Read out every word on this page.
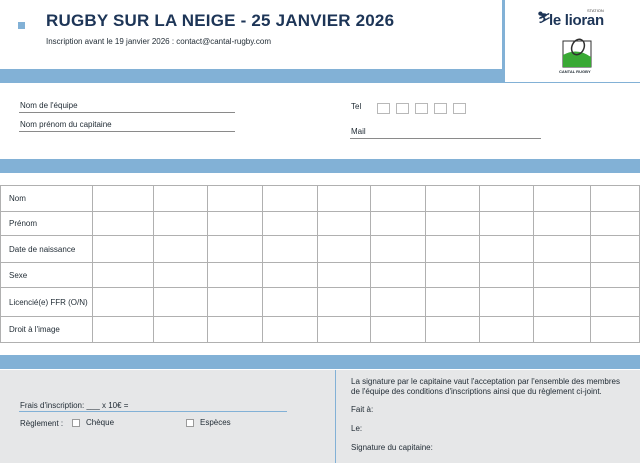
RUGBY SUR LA NEIGE - 25 JANVIER 2026
Inscription avant le 19 janvier 2026 : contact@cantal-rugby.com
STATION
⛷
le lioran
CANTAL RUGBY
Nom de l'équipe
Nom prénom du capitaine
Tel
Mail
Nom										
Prénom										
Date de naissance										
Sexe										
Licencié(e) FFR (O/N)										
Droit à l'image										
Frais d'inscription: ___ x 10€ =
Règlement :	Chèque	Espèces
La signature par le capitaine vaut l'acceptation par l'ensemble des membres de l'équipe des conditions d'inscriptions ainsi que du règlement ci-joint.
Fait à:
Le:
Signature du capitaine:
